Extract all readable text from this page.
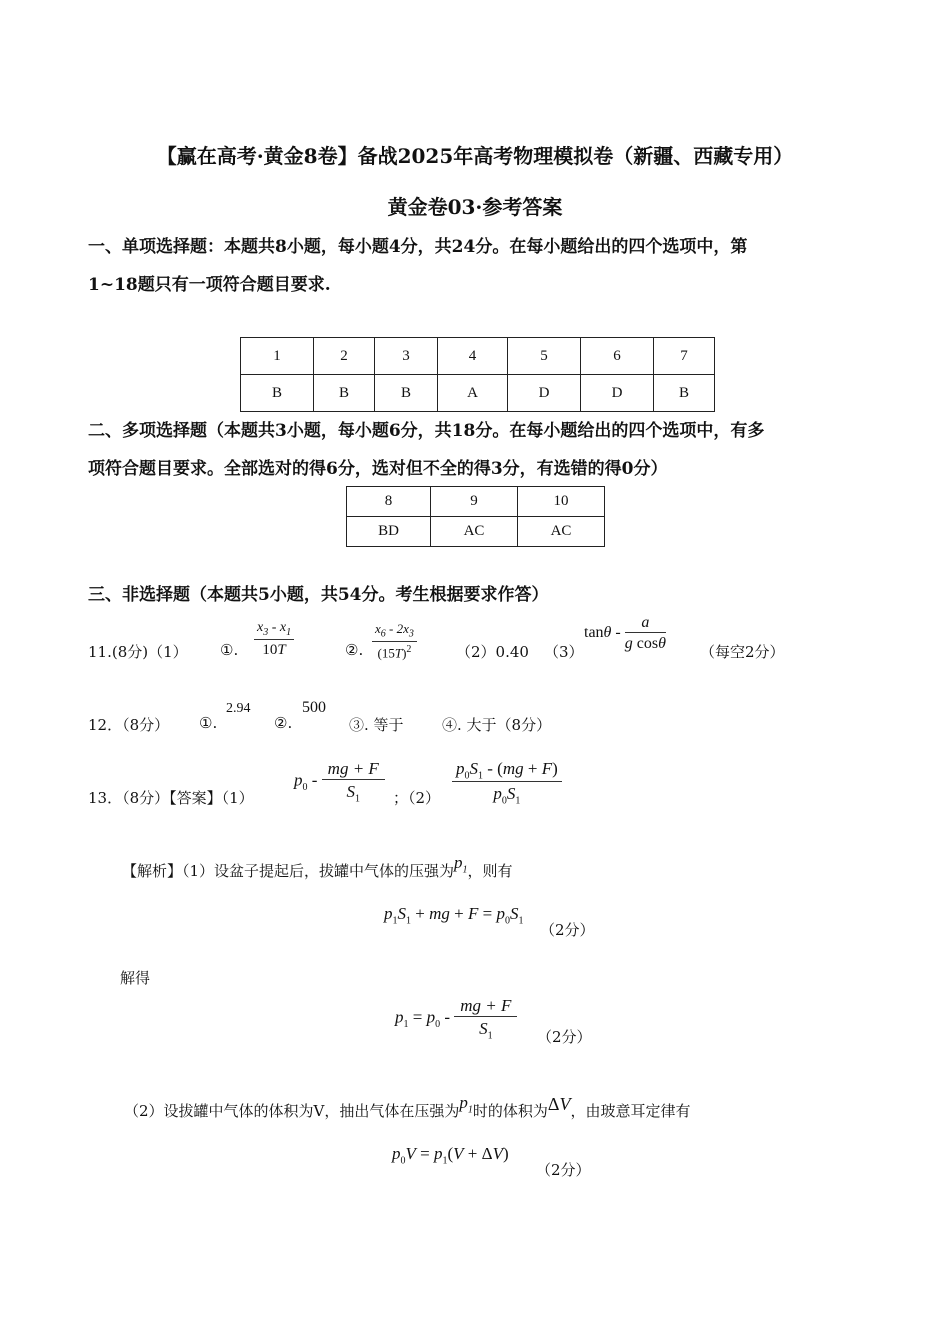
【赢在高考·黄金8卷】备战2025年高考物理模拟卷（新疆、西藏专用）
黄金卷03·参考答案
一、单项选择题：本题共8小题，每小题4分，共24分。在每小题给出的四个选项中，第
1~18题只有一项符合题目要求.
1	2	3	4	5	6	7
B	B	B	A	D	D	B
二、多项选择题（本题共3小题，每小题6分，共18分。在每小题给出的四个选项中，有多
项符合题目要求。全部选对的得6分，选对但不全的得3分，有选错的得0分）
8	9	10
BD	AC	AC
三、非选择题（本题共5小题，共54分。考生根据要求作答）
11.(8分)（1） ①. $\frac{x_3 - x_1}{10T}$	②. $\frac{x_6 - 2x_3}{(15T)^2}$	（2）0.40 （3）
tanθ - $\frac{a}{\text{g cosθ}}$ （每空2分）
12．（8分） ①.
2.94
②.
500
③. 等于	④. 大于（8分）
13．（8分）【答案】（1）
$p_0 - \frac{mg + F}{S_1}$ ；$(2) \frac{p_0S_1 - (mg + F)}{p_0S_1}$
【解析】（1）设盆子提起后，拔罐中气体的压强为$p_1$，则有
$p_1S_1$ + mg + $F = p_0S_1$
（2分）
解得
$p_1 = p_0 - \frac{mg + F}{S_1} (2$分）
（2）设拔罐中气体的体积为V，抽出气体在压强为$p_1$时的体积为ΔV，由玻意耳定律有
$p_0V = p_1(V + \Delta V)$
（2分）
